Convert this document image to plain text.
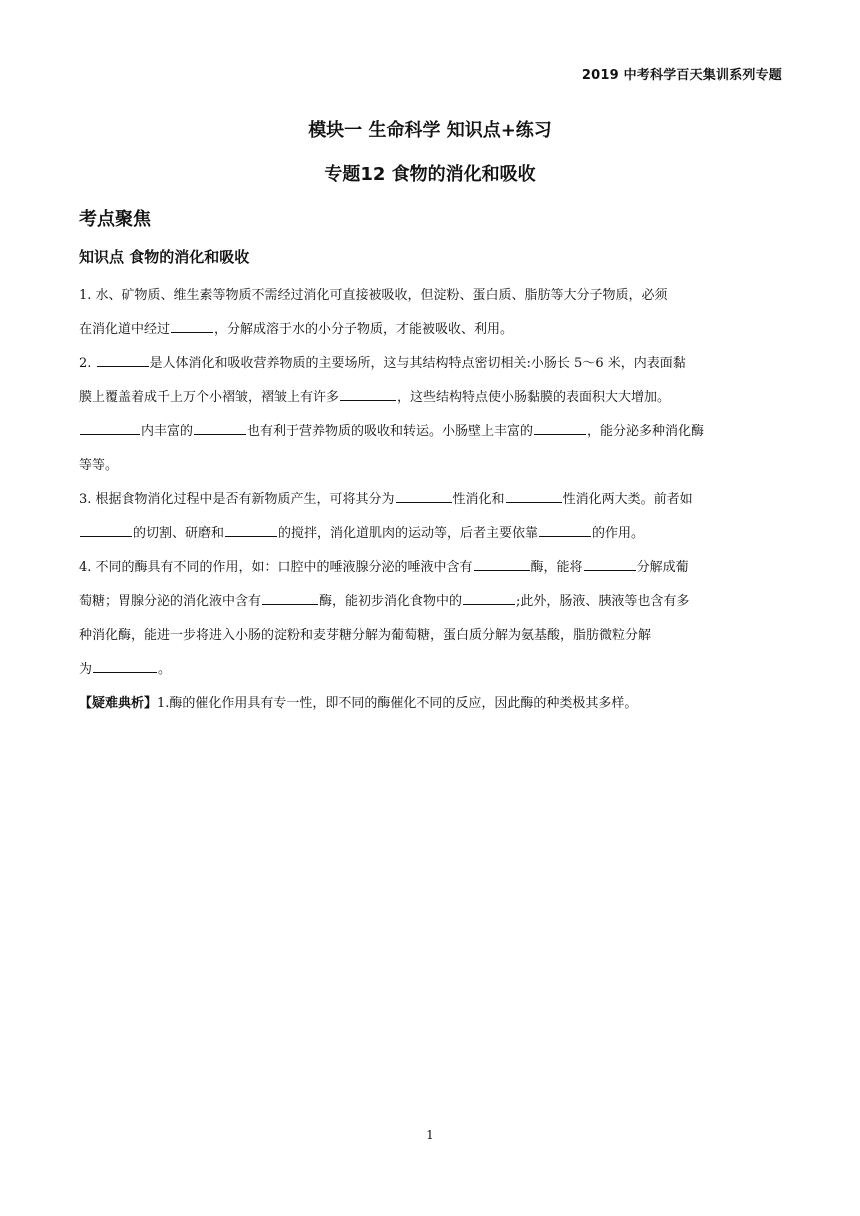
2019 中考科学百天集训系列专题
模块一 生命科学 知识点+练习
专题12 食物的消化和吸收
考点聚焦
知识点 食物的消化和吸收
1. 水、矿物质、维生素等物质不需经过消化可直接被吸收，但淀粉、蛋白质、脂肪等大分子物质，必须
在消化道中经过	，分解成溶于水的小分子物质，才能被吸收、利用。
2.	是人体消化和吸收营养物质的主要场所，这与其结构特点密切相关:小肠长 5～6 米，内表面黏
膜上覆盖着成千上万个小褶皱，褶皱上有许多	，这些结构特点使小肠黏膜的表面积大大增加。
内丰富的	也有利于营养物质的吸收和转运。小肠壁上丰富的	，能分泌多种消化酶
等等。
3. 根据食物消化过程中是否有新物质产生，可将其分为	性消化和	性消化两大类。前者如
的切割、研磨和	的搅拌，消化道肌肉的运动等，后者主要依靠	的作用。
4. 不同的酶具有不同的作用，如：口腔中的唾液腺分泌的唾液中含有	酶，能将	分解成葡
萄糖；胃腺分泌的消化液中含有	酶，能初步消化食物中的	;此外，肠液、胰液等也含有多
种消化酶，能进一步将进入小肠的淀粉和麦芽糖分解为葡萄糖，蛋白质分解为氨基酸，脂肪微粒分解
为	。
【疑难典析】1.酶的催化作用具有专一性，即不同的酶催化不同的反应，因此酶的种类极其多样。
1
